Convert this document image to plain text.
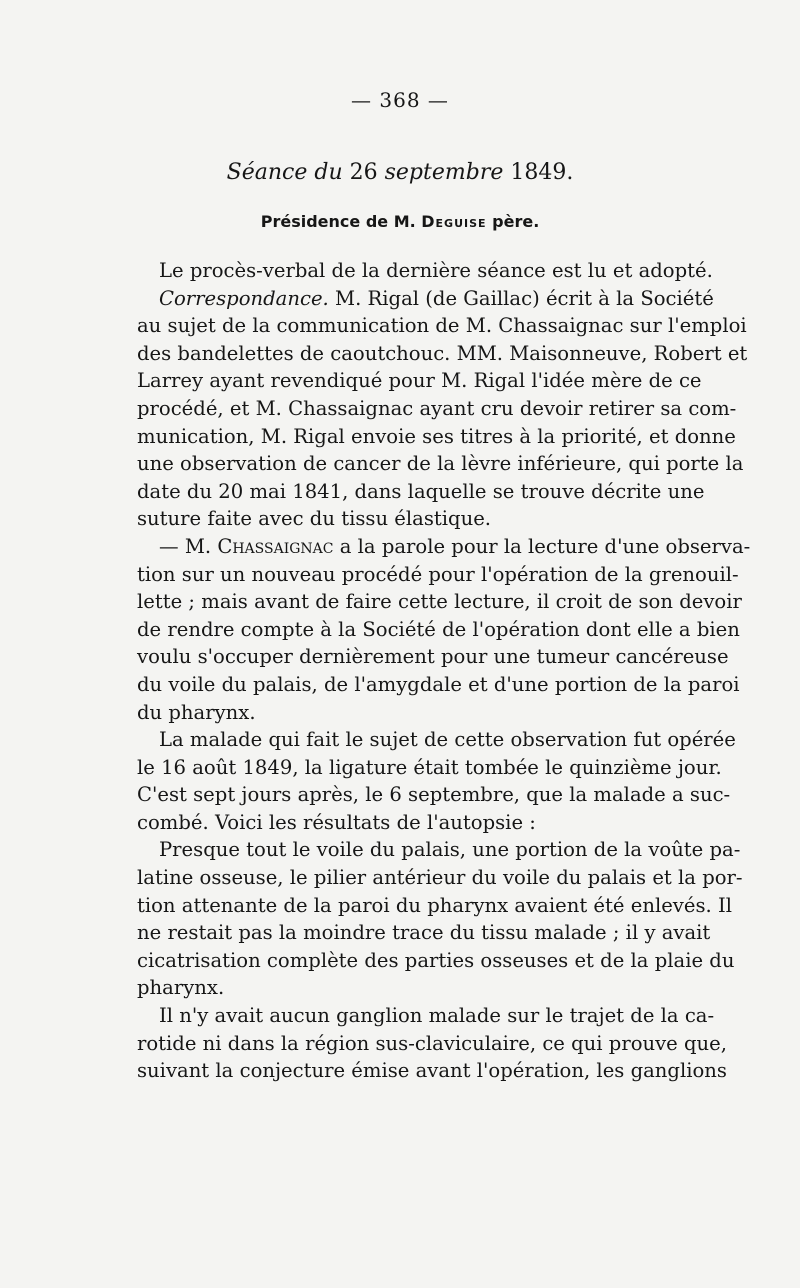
— 368 —
Séance du 26 septembre 1849.
Présidence de M. Deguise père.
Le procès-verbal de la dernière séance est lu et adopté.
Correspondance. M. Rigal (de Gaillac) écrit à la Société
au sujet de la communication de M. Chassaignac sur l'emploi
des bandelettes de caoutchouc. MM. Maisonneuve, Robert et
Larrey ayant revendiqué pour M. Rigal l'idée mère de ce
procédé, et M. Chassaignac ayant cru devoir retirer sa com-
munication, M. Rigal envoie ses titres à la priorité, et donne
une observation de cancer de la lèvre inférieure, qui porte la
date du 20 mai 1841, dans laquelle se trouve décrite une
suture faite avec du tissu élastique.
— M. Chassaignac a la parole pour la lecture d'une observa-
tion sur un nouveau procédé pour l'opération de la grenouil-
lette ; mais avant de faire cette lecture, il croit de son devoir
de rendre compte à la Société de l'opération dont elle a bien
voulu s'occuper dernièrement pour une tumeur cancéreuse
du voile du palais, de l'amygdale et d'une portion de la paroi
du pharynx.
La malade qui fait le sujet de cette observation fut opérée
le 16 août 1849, la ligature était tombée le quinzième jour.
C'est sept jours après, le 6 septembre, que la malade a suc-
combé. Voici les résultats de l'autopsie :
Presque tout le voile du palais, une portion de la voûte pa-
latine osseuse, le pilier antérieur du voile du palais et la por-
tion attenante de la paroi du pharynx avaient été enlevés. Il
ne restait pas la moindre trace du tissu malade ; il y avait
cicatrisation complète des parties osseuses et de la plaie du
pharynx.
Il n'y avait aucun ganglion malade sur le trajet de la ca-
rotide ni dans la région sus-claviculaire, ce qui prouve que,
suivant la conjecture émise avant l'opération, les ganglions
